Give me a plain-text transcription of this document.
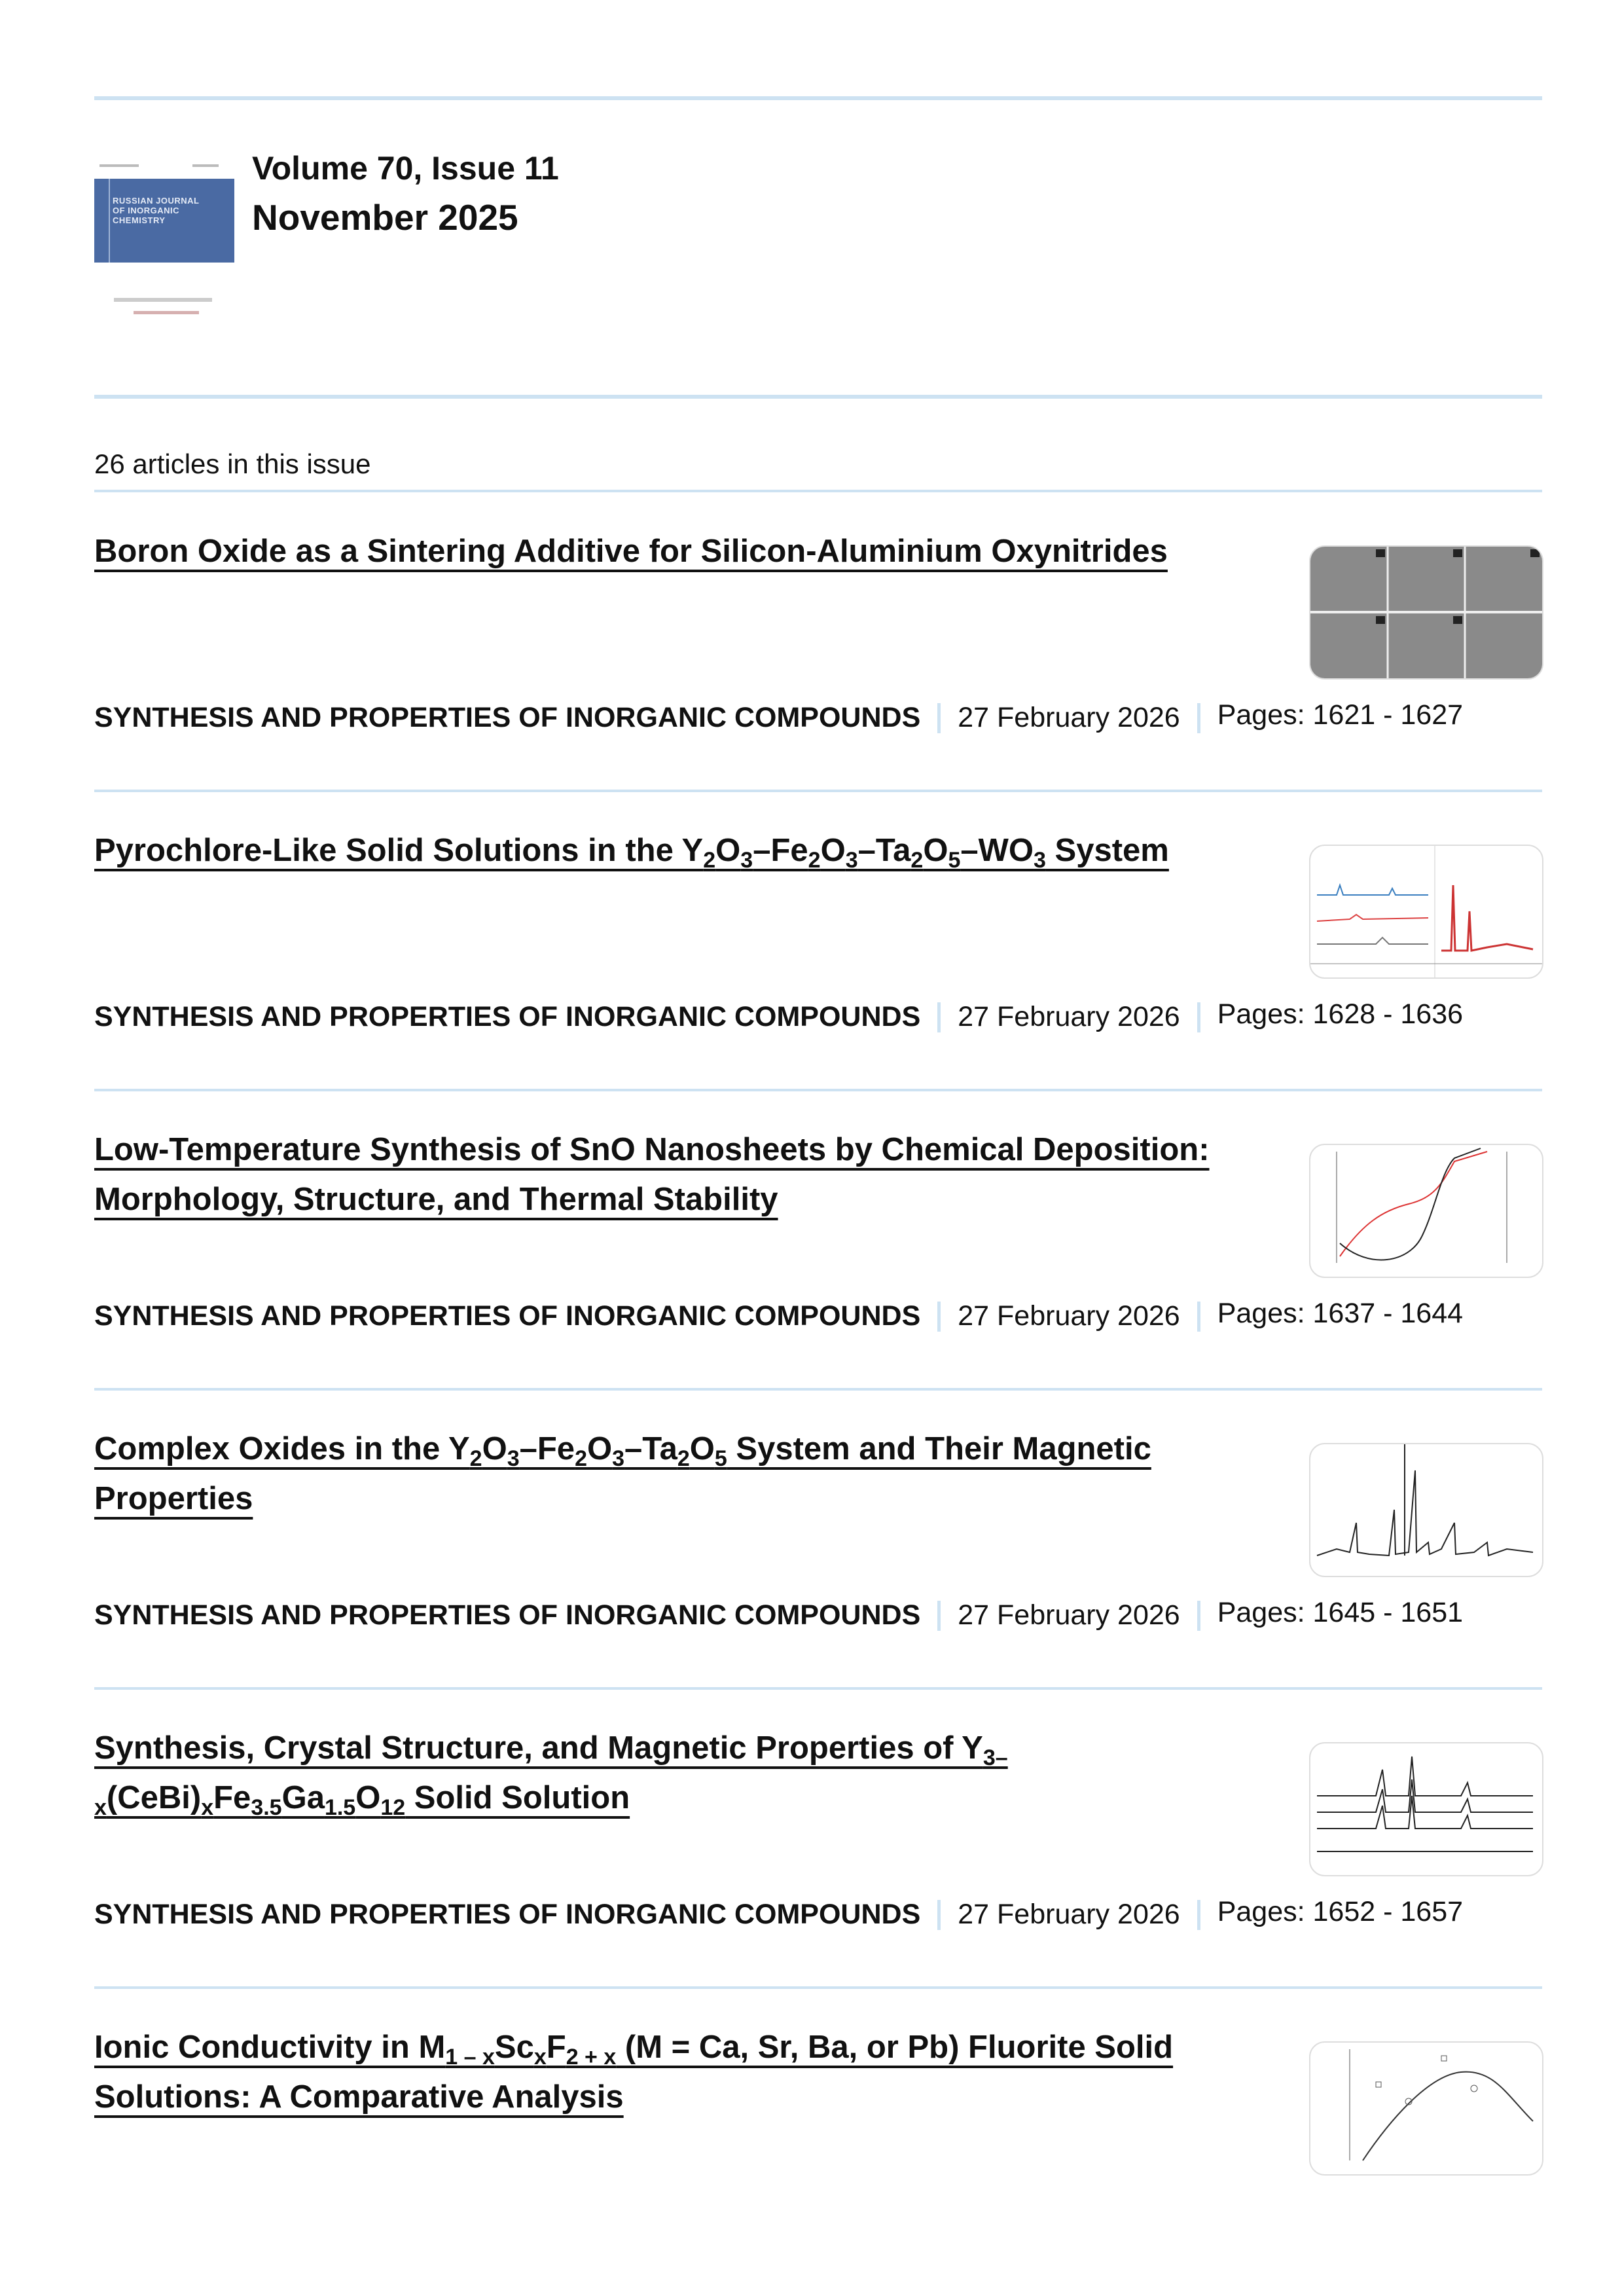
RUSSIAN JOURNAL OF INORGANIC CHEMISTRY
Volume 70, Issue 11
November 2025
26 articles in this issue
Boron Oxide as a Sintering Additive for Silicon-Aluminium Oxynitrides
SYNTHESIS AND PROPERTIES OF INORGANIC COMPOUNDS 27 February 2026 Pages: 1621 - 1627
Pyrochlore-Like Solid Solutions in the $Y_2O_3-Fe_2O_3-Ta_2O_5-WO_3$ System
SYNTHESIS AND PROPERTIES OF INORGANIC COMPOUNDS 27 February 2026 Pages: 1628 - 1636
Low-Temperature Synthesis of SnO Nanosheets by Chemical Deposition: Morphology, Structure, and Thermal Stability
SYNTHESIS AND PROPERTIES OF INORGANIC COMPOUNDS 27 February 2026 Pages: 1637 - 1644
Complex Oxides in the $Y_2O_3-Fe_2O_3-Ta_2O_5$ System and Their Magnetic Properties
SYNTHESIS AND PROPERTIES OF INORGANIC COMPOUNDS 27 February 2026 Pages: 1645 - 1651
Synthesis, Crystal Structure, and Magnetic Properties of $Y_{3-}$ $_x(CeBi)_xFe_{3.5}Ga_{1.5}O_{12}$ Solid Solution
SYNTHESIS AND PROPERTIES OF INORGANIC COMPOUNDS 27 February 2026 Pages: 1652 - 1657
Ionic Conductivity in $M_{1 - x}Sc_xF_{2 + x}$ (M = Ca, Sr, Ba, or Pb) Fluorite Solid Solutions: A Comparative Analysis
